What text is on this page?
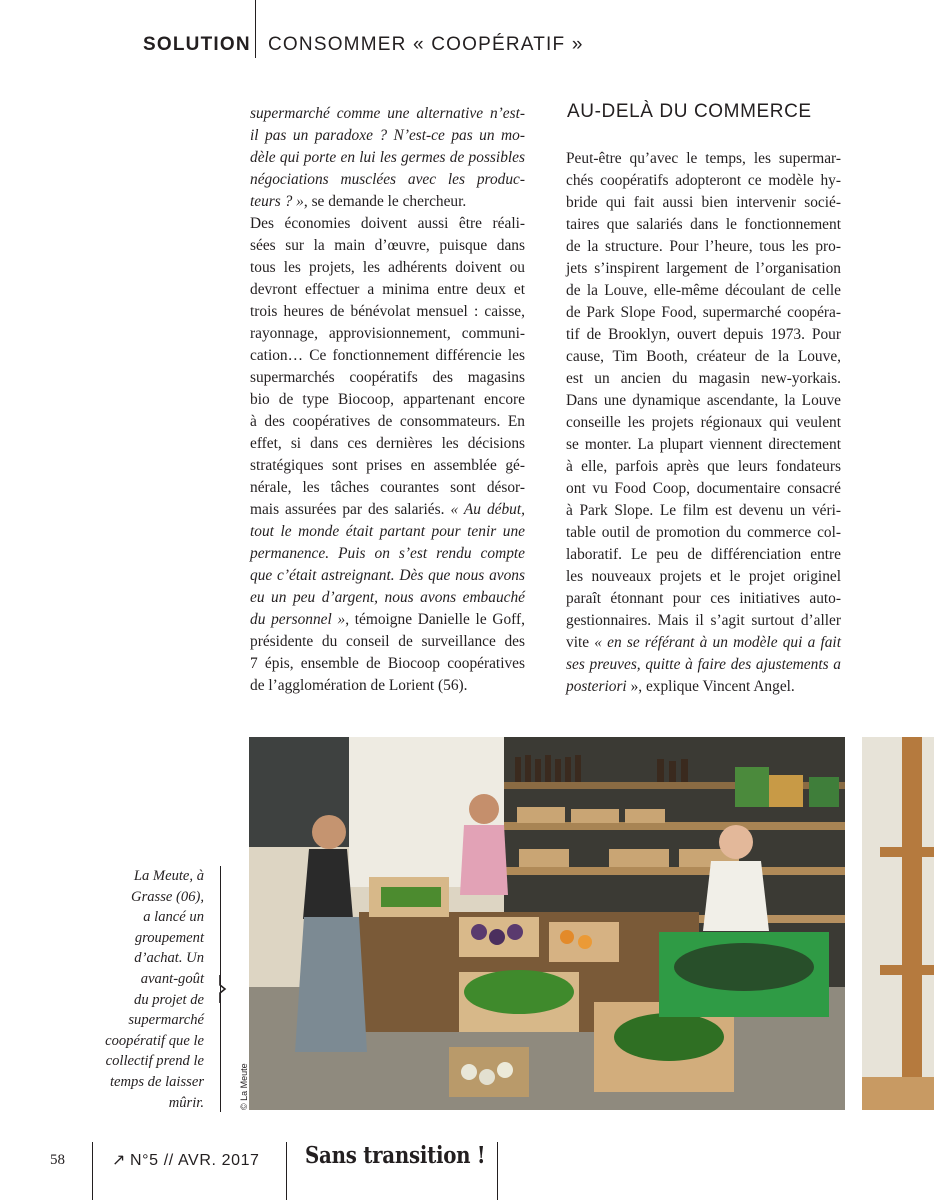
SOLUTION CONSOMMER « COOPÉRATIF »
supermarché comme une alternative n’est-
il pas un paradoxe ? N’est-ce pas un mo-
dèle qui porte en lui les germes de possibles
négociations musclées avec les produc-
teurs ? », se demande le chercheur.
Des économies doivent aussi être réali-
sées sur la main d’œuvre, puisque dans
tous les projets, les adhérents doivent ou
devront effectuer a minima entre deux et
trois heures de bénévolat mensuel : caisse,
rayonnage, approvisionnement, communi-
cation… Ce fonctionnement différencie les
supermarchés coopératifs des magasins
bio de type Biocoop, appartenant encore
à des coopératives de consommateurs. En
effet, si dans ces dernières les décisions
stratégiques sont prises en assemblée gé-
nérale, les tâches courantes sont désor-
mais assurées par des salariés. « Au début,
tout le monde était partant pour tenir une
permanence. Puis on s’est rendu compte
que c’était astreignant. Dès que nous avons
eu un peu d’argent, nous avons embauché
du personnel », témoigne Danielle le Goff,
présidente du conseil de surveillance des
7 épis, ensemble de Biocoop coopératives
de l’agglomération de Lorient (56).
AU-DELÀ DU COMMERCE
Peut-être qu’avec le temps, les supermar-
chés coopératifs adopteront ce modèle hy-
bride qui fait aussi bien intervenir socié-
taires que salariés dans le fonctionnement
de la structure. Pour l’heure, tous les pro-
jets s’inspirent largement de l’organisation
de la Louve, elle-même découlant de celle
de Park Slope Food, supermarché coopéra-
tif de Brooklyn, ouvert depuis 1973. Pour
cause, Tim Booth, créateur de la Louve,
est un ancien du magasin new-yorkais.
Dans une dynamique ascendante, la Louve
conseille les projets régionaux qui veulent
se monter. La plupart viennent directement
à elle, parfois après que leurs fondateurs
ont vu Food Coop, documentaire consacré
à Park Slope. Le film est devenu un véri-
table outil de promotion du commerce col-
laboratif. Le peu de différenciation entre
les nouveaux projets et le projet originel
paraît étonnant pour ces initiatives auto-
gestionnaires. Mais il s’agit surtout d’aller
vite « en se référant à un modèle qui a fait
ses preuves, quitte à faire des ajustements a
posteriori », explique Vincent Angel.
La Meute, à
Grasse (06),
a lancé un
groupement
d’achat. Un
avant-goût
du projet de
supermarché
coopératif que le
collectif prend le
temps de laisser
mûrir.	© La Meute
58	↗ N°5 // AVR. 2017 Sans transition !
